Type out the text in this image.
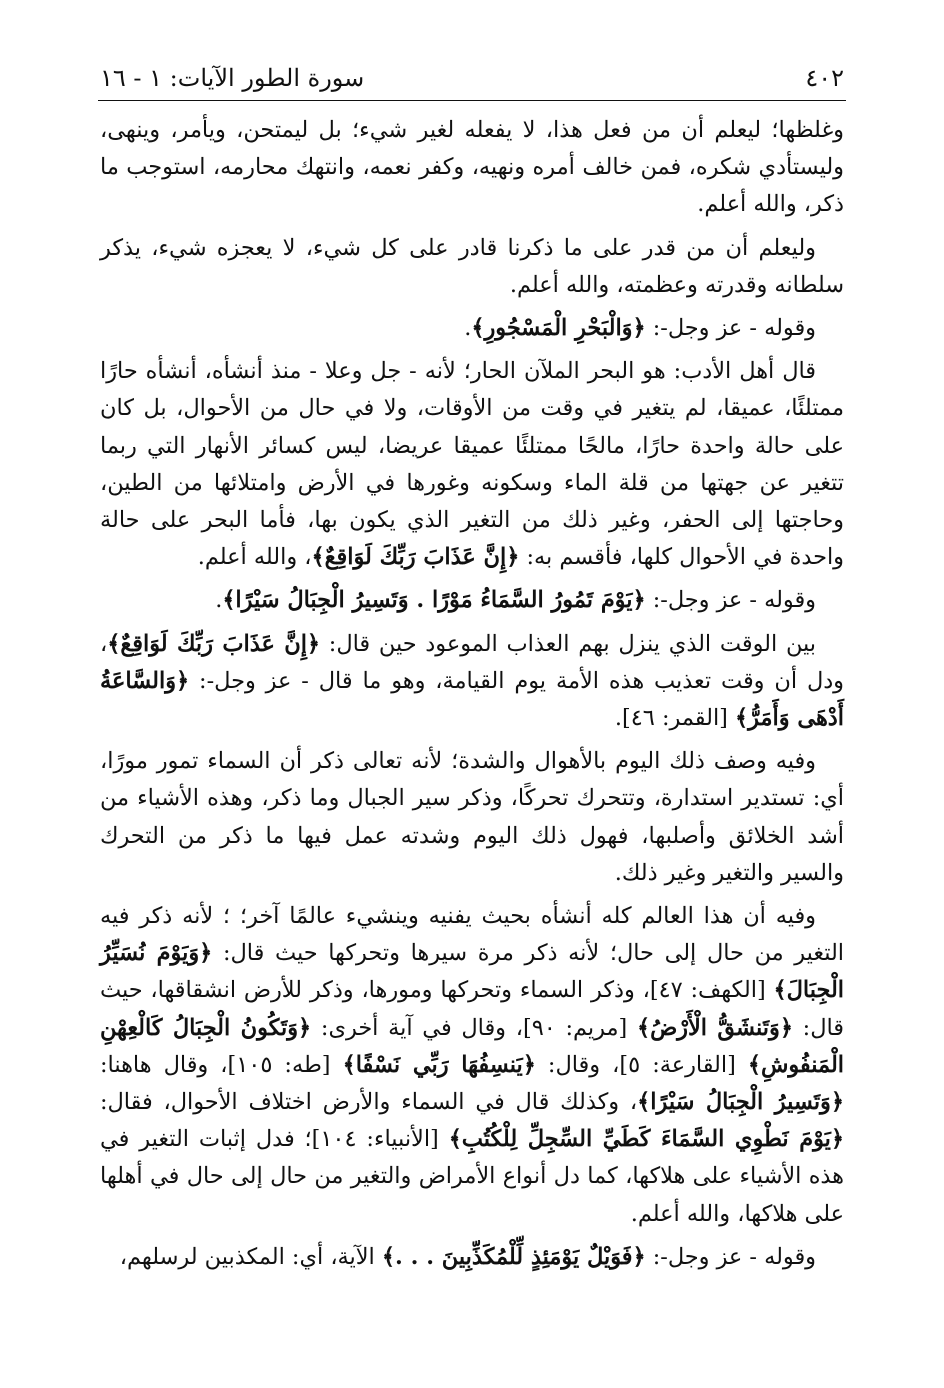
٤٠٢
سورة الطور الآيات: ١ - ١٦

وغلظها؛ ليعلم أن من فعل هذا، لا يفعله لغير شيء؛ بل ليمتحن، ويأمر، وينهى، وليستأدي شكره، فمن خالف أمره ونهيه، وكفر نعمه، وانتهك محارمه، استوجب ما ذكر، والله أعلم.

وليعلم أن من قدر على ما ذكرنا قادر على كل شيء، لا يعجزه شيء، يذكر سلطانه وقدرته وعظمته، والله أعلم.

وقوله - عز وجل-: ﴿وَالْبَحْرِ الْمَسْجُورِ﴾.

قال أهل الأدب: هو البحر الملآن الحار؛ لأنه - جل وعلا - منذ أنشأه، أنشأه حارًا ممتلئًا، عميقا، لم يتغير في وقت من الأوقات، ولا في حال من الأحوال، بل كان على حالة واحدة حارًا، مالحًا ممتلئًا عميقا عريضا، ليس كسائر الأنهار التي ربما تتغير عن جهتها من قلة الماء وسكونه وغورها في الأرض وامتلائها من الطين، وحاجتها إلى الحفر، وغير ذلك من التغير الذي يكون بها، فأما البحر على حالة واحدة في الأحوال كلها، فأقسم به: ﴿إِنَّ عَذَابَ رَبِّكَ لَوَاقِعٌ﴾، والله أعلم.

وقوله - عز وجل-: ﴿يَوْمَ تَمُورُ السَّمَاءُ مَوْرًا . وَتَسِيرُ الْجِبَالُ سَيْرًا﴾.

بين الوقت الذي ينزل بهم العذاب الموعود حين قال: ﴿إِنَّ عَذَابَ رَبِّكَ لَوَاقِعٌ﴾، ودل أن وقت تعذيب هذه الأمة يوم القيامة، وهو ما قال - عز وجل-: ﴿وَالسَّاعَةُ أَدْهَى وَأَمَرُّ﴾ [القمر: ٤٦].

وفيه وصف ذلك اليوم بالأهوال والشدة؛ لأنه تعالى ذكر أن السماء تمور مورًا، أي: تستدير استدارة، وتتحرك تحركًا، وذكر سير الجبال وما ذكر، وهذه الأشياء من أشد الخلائق وأصلبها، فهول ذلك اليوم وشدته عمل فيها ما ذكر من التحرك والسير والتغير وغير ذلك.

وفيه أن هذا العالم كله أنشأه بحيث يفنيه وينشيء عالمًا آخر؛ ؛ لأنه ذكر فيه التغير من حال إلى حال؛ لأنه ذكر مرة سيرها وتحركها حيث قال: ﴿وَيَوْمَ نُسَيِّرُ الْجِبَالَ﴾ [الكهف: ٤٧]، وذكر السماء وتحركها ومورها، وذكر للأرض انشقاقها، حيث قال: ﴿وَتَنشَقُّ الْأَرْضُ﴾ [مريم: ٩٠]، وقال في آية أخرى: ﴿وَتَكُونُ الْجِبَالُ كَالْعِهْنِ الْمَنفُوشِ﴾ [القارعة: ٥]، وقال: ﴿يَنسِفُهَا رَبِّي نَسْفًا﴾ [طه: ١٠٥]، وقال هاهنا: ﴿وَتَسِيرُ الْجِبَالُ سَيْرًا﴾، وكذلك قال في السماء والأرض اختلاف الأحوال، فقال: ﴿يَوْمَ نَطْوِي السَّمَاءَ كَطَيِّ السِّجِلِّ لِلْكُتُبِ﴾ [الأنبياء: ١٠٤]؛ فدل إثبات التغير في هذه الأشياء على هلاكها، كما دل أنواع الأمراض والتغير من حال إلى حال في أهلها على هلاكها، والله أعلم.

وقوله - عز وجل-: ﴿فَوَيْلٌ يَوْمَئِذٍ لِّلْمُكَذِّبِينَ . . .﴾ الآية، أي: المكذبين لرسلهم،
